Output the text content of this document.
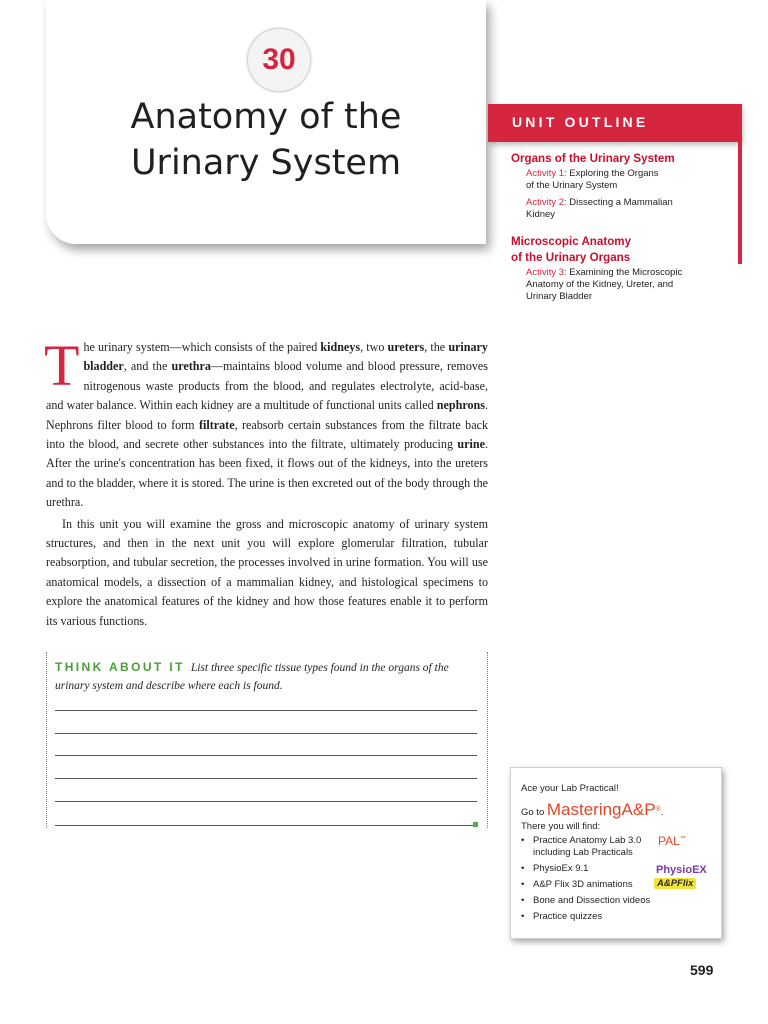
30
Anatomy of the
Urinary System
UNIT OUTLINE
Organs of the Urinary System
Activity 1: Exploring the Organs
of the Urinary System
Activity 2: Dissecting a Mammalian
Kidney
Microscopic Anatomy
of the Urinary Organs
Activity 3: Examining the Microscopic
Anatomy of the Kidney, Ureter, and
Urinary Bladder

The urinary system—which consists of the paired kidneys, two ureters, the urinary bladder, and the urethra—maintains blood volume and blood pressure, removes nitrogenous waste products from the blood, and regulates electrolyte, acid-base, and water balance. Within each kidney are a multitude of functional units called nephrons. Nephrons filter blood to form filtrate, reabsorb certain substances from the filtrate back into the blood, and secrete other substances into the filtrate, ultimately producing urine. After the urine's concentration has been fixed, it flows out of the kidneys, into the ureters and to the bladder, where it is stored. The urine is then excreted out of the body through the urethra.

In this unit you will examine the gross and microscopic anatomy of urinary system structures, and then in the next unit you will explore glomerular filtration, tubular reabsorption, and tubular secretion, the processes involved in urine formation. You will use anatomical models, a dissection of a mammalian kidney, and histological specimens to explore the anatomical features of the kidney and how those features enable it to perform its various functions.

THINK ABOUT IT List three specific tissue types found in the organs of the urinary system and describe where each is found.
Ace your Lab Practical!
Go to MasteringA&P®.
There you will find:
• Practice Anatomy Lab 3.0
including Lab Practicals
• PhysioEx 9.1
• A&P Flix 3D animations
• Bone and Dissection videos
• Practice quizzes
PAL™
PhysioEX
A&PFlix
599
